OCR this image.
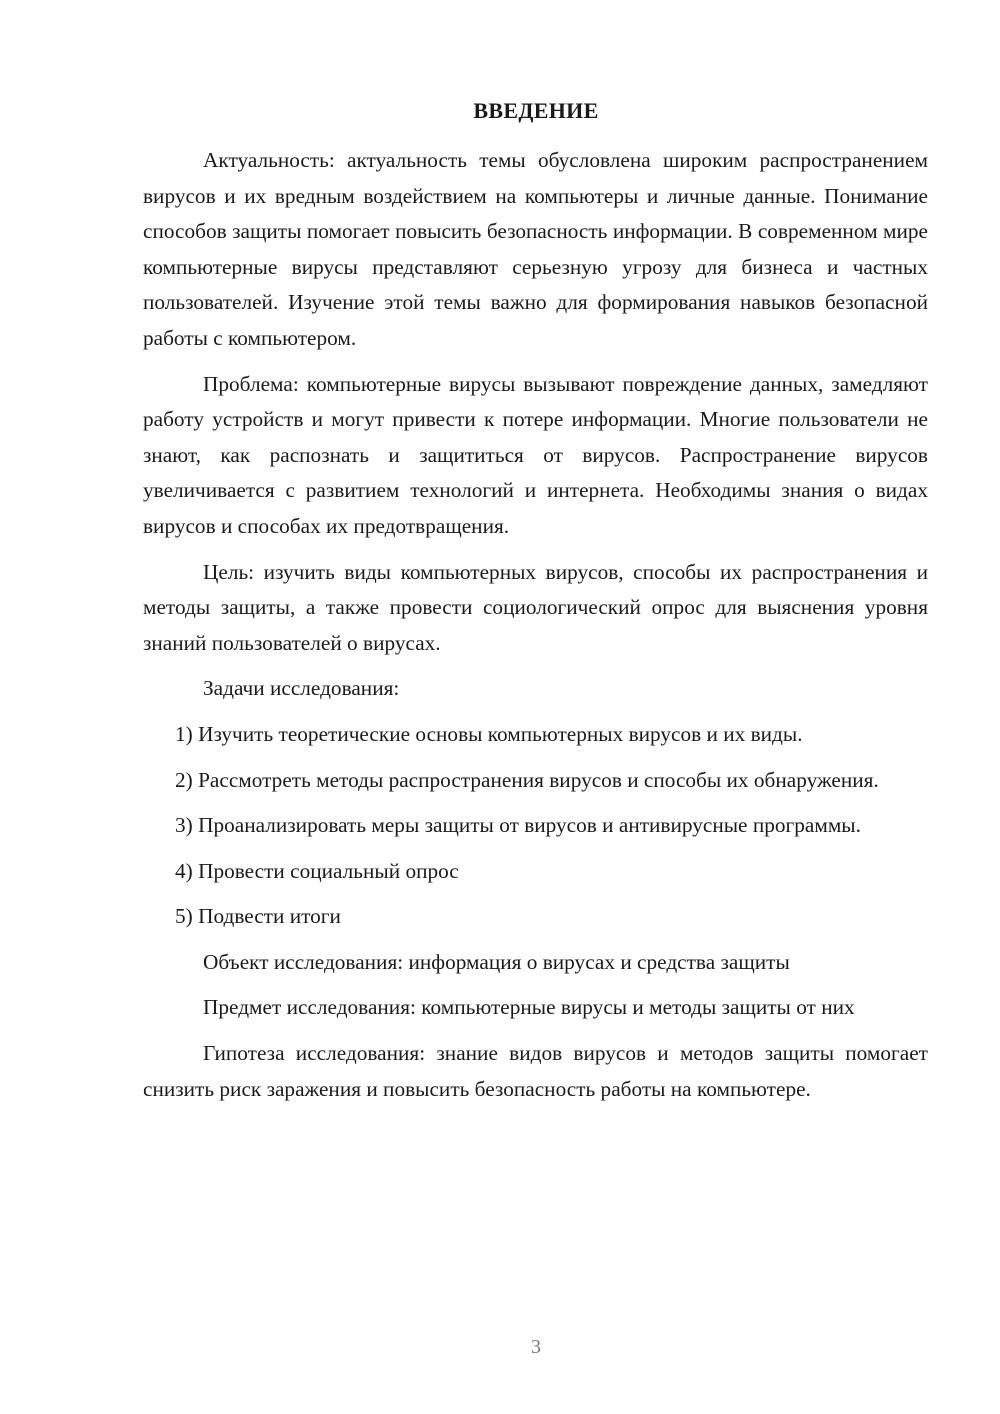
ВВЕДЕНИЕ

Актуальность: актуальность темы обусловлена широким распространением вирусов и их вредным воздействием на компьютеры и личные данные. Понимание способов защиты помогает повысить безопасность информации. В современном мире компьютерные вирусы представляют серьезную угрозу для бизнеса и частных пользователей. Изучение этой темы важно для формирования навыков безопасной работы с компьютером.

Проблема: компьютерные вирусы вызывают повреждение данных, замедляют работу устройств и могут привести к потере информации. Многие пользователи не знают, как распознать и защититься от вирусов. Распространение вирусов увеличивается с развитием технологий и интернета. Необходимы знания о видах вирусов и способах их предотвращения.

Цель: изучить виды компьютерных вирусов, способы их распространения и методы защиты, а также провести социологический опрос для выяснения уровня знаний пользователей о вирусах.

Задачи исследования:

1) Изучить теоретические основы компьютерных вирусов и их виды.

2) Рассмотреть методы распространения вирусов и способы их обнаружения.

3) Проанализировать меры защиты от вирусов и антивирусные программы.

4) Провести социальный опрос

5) Подвести итоги

Объект исследования: информация о вирусах и средства защиты

Предмет исследования: компьютерные вирусы и методы защиты от них

Гипотеза исследования: знание видов вирусов и методов защиты помогает снизить риск заражения и повысить безопасность работы на компьютере.

3
